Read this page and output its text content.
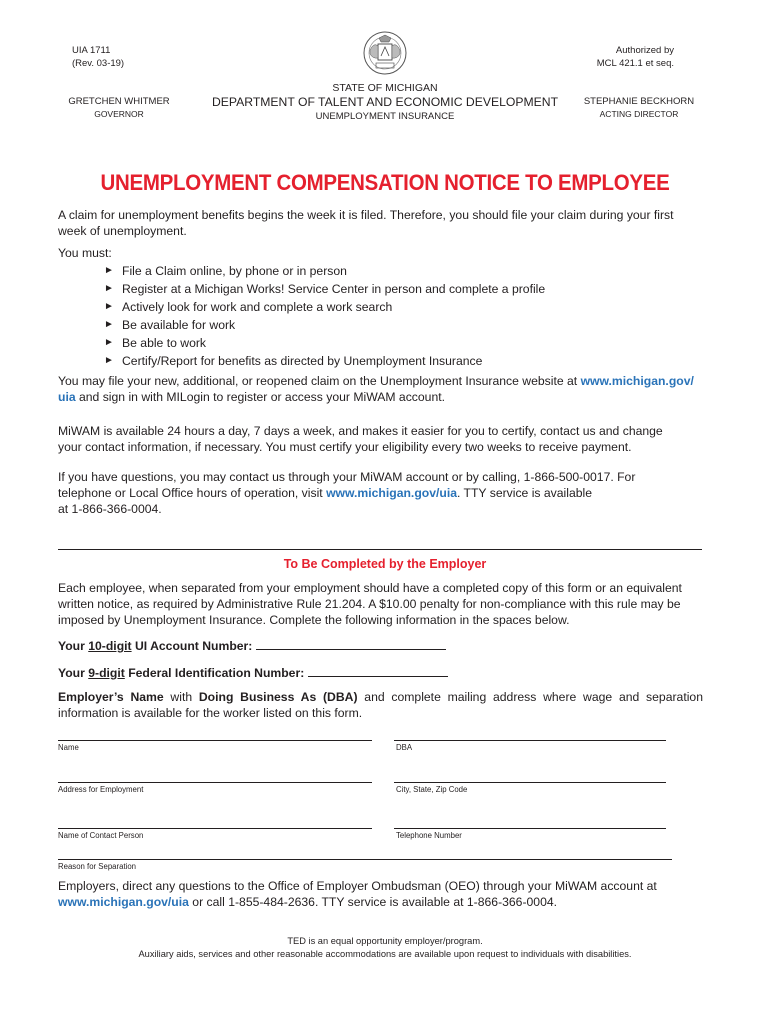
UIA 1711
(Rev. 03-19)
Authorized by
MCL 421.1 et seq.
STATE OF MICHIGAN
DEPARTMENT OF TALENT AND ECONOMIC DEVELOPMENT
UNEMPLOYMENT INSURANCE
GRETCHEN WHITMER
GOVERNOR
STEPHANIE BECKHORN
ACTING DIRECTOR
UNEMPLOYMENT COMPENSATION NOTICE TO EMPLOYEE
A claim for unemployment benefits begins the week it is filed. Therefore, you should file your claim during your first
week of unemployment.
You must:
► File a Claim online, by phone or in person
► Register at a Michigan Works! Service Center in person and complete a profile
► Actively look for work and complete a work search
► Be available for work
► Be able to work
► Certify/Report for benefits as directed by Unemployment Insurance
You may file your new, additional, or reopened claim on the Unemployment Insurance website at www.michigan.gov/
uia and sign in with MILogin to register or access your MiWAM account.
MiWAM is available 24 hours a day, 7 days a week, and makes it easier for you to certify, contact us and change
your contact information, if necessary. You must certify your eligibility every two weeks to receive payment.
If you have questions, you may contact us through your MiWAM account or by calling, 1-866-500-0017. For
telephone or Local Office hours of operation, visit www.michigan.gov/uia. TTY service is available
at 1-866-366-0004.
To Be Completed by the Employer
Each employee, when separated from your employment should have a completed copy of this form or an equivalent
written notice, as required by Administrative Rule 21.204. A $10.00 penalty for non-compliance with this rule may be
imposed by Unemployment Insurance. Complete the following information in the spaces below.
Your 10-digit UI Account Number:
Your 9-digit Federal Identification Number:
Employer’s Name with Doing Business As (DBA) and complete mailing address where wage and separation
information is available for the worker listed on this form.
Name	DBA
Address for Employment	City, State, Zip Code
Name of Contact Person	Telephone Number
Reason for Separation
Employers, direct any questions to the Office of Employer Ombudsman (OEO) through your MiWAM account at
www.michigan.gov/uia or call 1-855-484-2636. TTY service is available at 1-866-366-0004.
TED is an equal opportunity employer/program.
Auxiliary aids, services and other reasonable accommodations are available upon request to individuals with disabilities.
